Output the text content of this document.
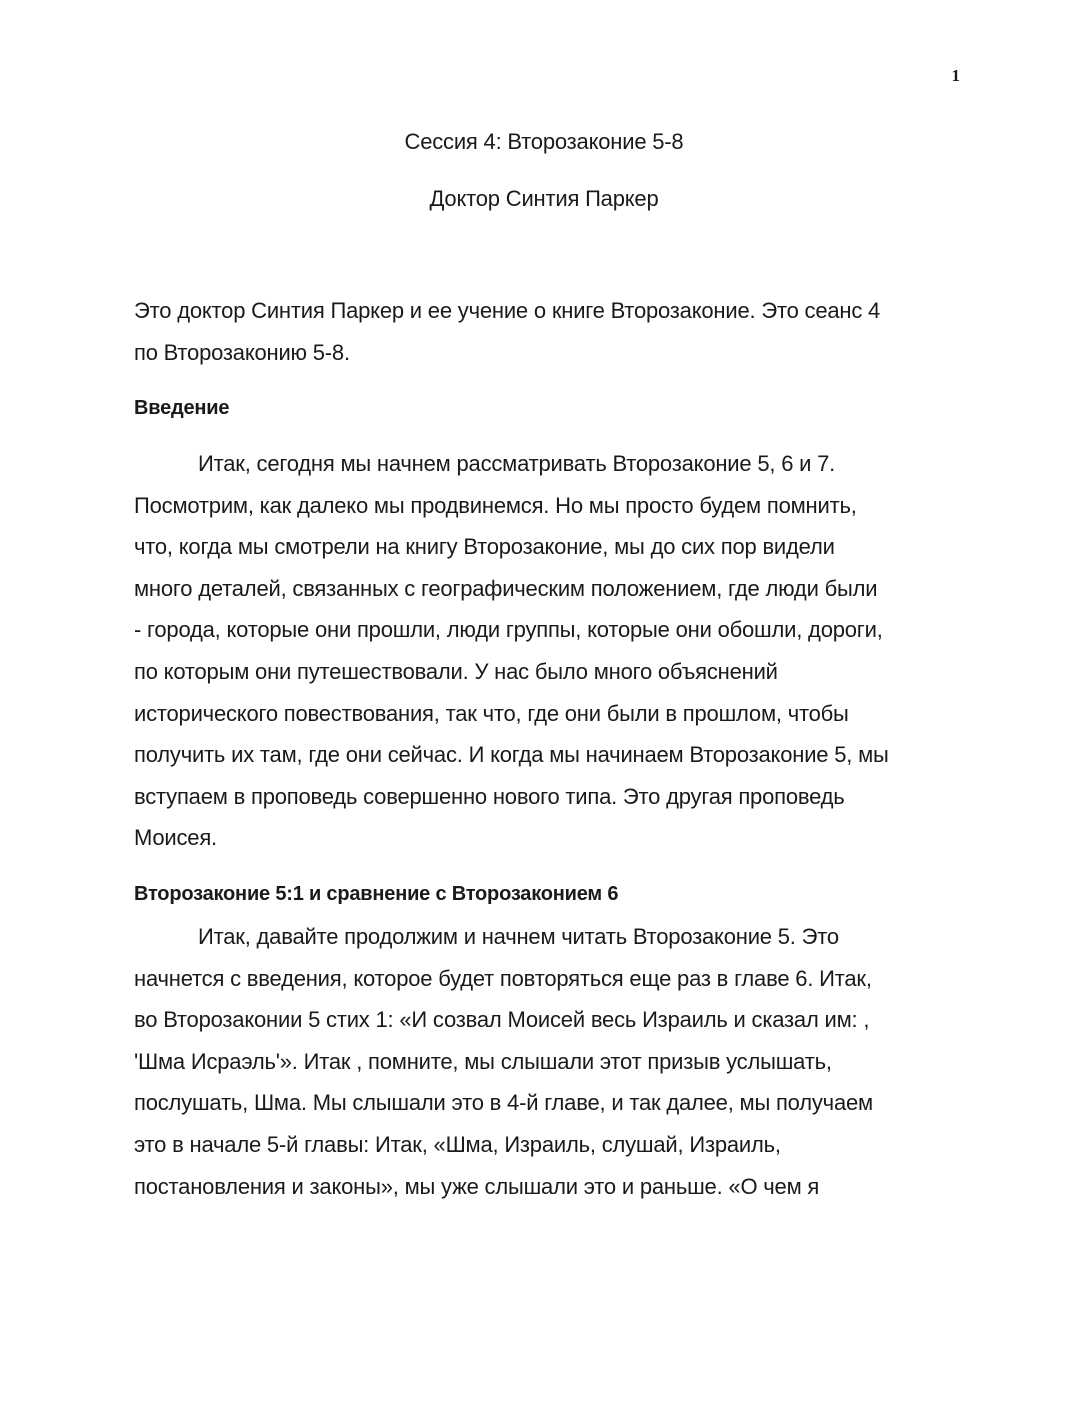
1
Сессия 4: Второзаконие 5-8
Доктор Синтия Паркер
Это доктор Синтия Паркер и ее учение о книге Второзаконие. Это сеанс 4
по Второзаконию 5-8.
Введение
Итак, сегодня мы начнем рассматривать Второзаконие 5, 6 и 7.
Посмотрим, как далеко мы продвинемся. Но мы просто будем помнить,
что, когда мы смотрели на книгу Второзаконие, мы до сих пор видели
много деталей, связанных с географическим положением, где люди были
- города, которые они прошли, люди группы, которые они обошли, дороги,
по которым они путешествовали. У нас было много объяснений
исторического повествования, так что, где они были в прошлом, чтобы
получить их там, где они сейчас. И когда мы начинаем Второзаконие 5, мы
вступаем в проповедь совершенно нового типа. Это другая проповедь
Моисея.
Второзаконие 5:1 и сравнение с Второзаконием 6
Итак, давайте продолжим и начнем читать Второзаконие 5. Это
начнется с введения, которое будет повторяться еще раз в главе 6. Итак,
во Второзаконии 5 стих 1: «И созвал Моисей весь Израиль и сказал им: ,
'Шма Исраэль'». Итак , помните, мы слышали этот призыв услышать,
послушать, Шма. Мы слышали это в 4-й главе, и так далее, мы получаем
это в начале 5-й главы: Итак, «Шма, Израиль, слушай, Израиль,
постановления и законы», мы уже слышали это и раньше. «О чем я
